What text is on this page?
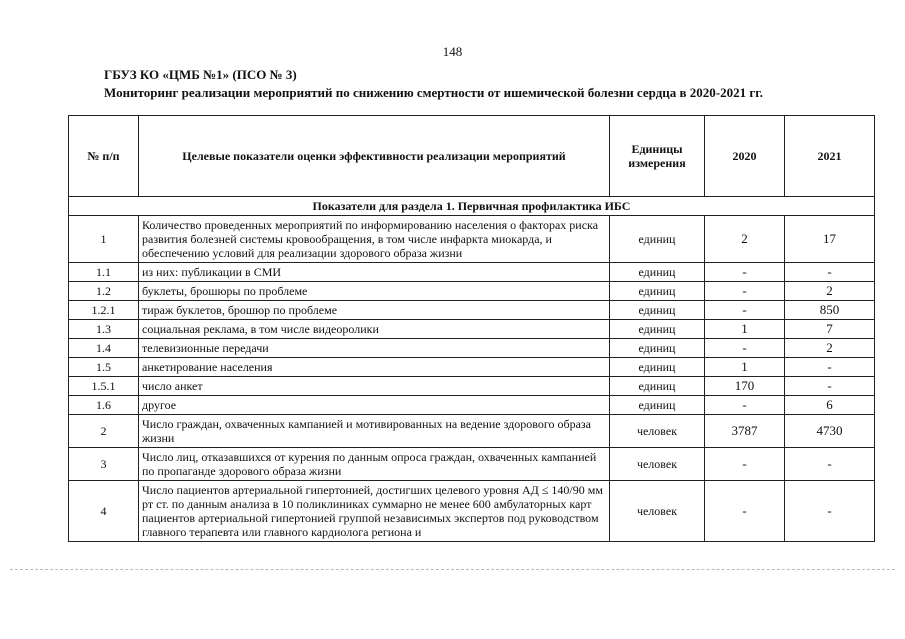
148
ГБУЗ КО «ЦМБ №1» (ПСО № 3)
Мониторинг реализации мероприятий по снижению смертности от ишемической болезни сердца в 2020-2021 гг.
№ п/п	Целевые показатели оценки эффективности реализации мероприятий	Единицы измерения	2020	2021
Показатели для раздела 1. Первичная профилактика ИБС				
1	Количество проведенных мероприятий по информированию населения о факторах риска развития болезней системы кровообращения, в том числе инфаркта миокарда, и обеспечению условий для реализации здорового образа жизни	единиц	2	17
1.1	из них: публикации в СМИ	единиц	-	-
1.2	буклеты, брошюры по проблеме	единиц	-	2
1.2.1	тираж буклетов, брошюр по проблеме	единиц	-	850
1.3	социальная реклама, в том числе видеоролики	единиц	1	7
1.4	телевизионные передачи	единиц	-	2
1.5	анкетирование населения	единиц	1	-
1.5.1	число анкет	единиц	170	-
1.6	другое	единиц	-	6
2	Число граждан, охваченных кампанией и мотивированных на ведение здорового образа жизни	человек	3787	4730
3	Число лиц, отказавшихся от курения по данным опроса граждан, охваченных кампанией по пропаганде здорового образа жизни	человек	-	-
4	Число пациентов артериальной гипертонией, достигших целевого уровня АД ≤ 140/90 мм рт ст. по данным анализа в 10 поликлиниках суммарно не менее 600 амбулаторных карт пациентов артериальной гипертонией группой независимых экспертов под руководством главного терапевта или главного кардиолога региона и	человек	-	-
